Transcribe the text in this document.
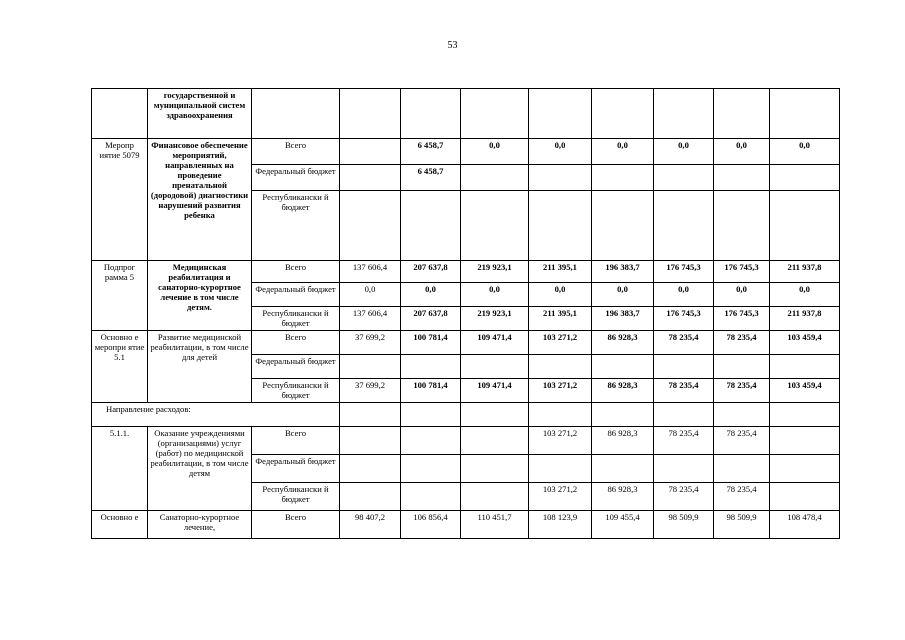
53
	государственной и муниципальной систем здравоохранения									
Меропр иятие 5079	Финансовое обеспечение мероприятий, направленных на проведение пренатальной (дородовой) диагностики нарушений развития ребенка	Всего		6 458,7	0,0	0,0	0,0	0,0	0,0	0,0
		Федеральный бюджет		6 458,7						
		Республикански й бюджет								
Подпрог рамма 5	Медицинская реабилитация и санаторно-курортное лечение в том числе детям.	Всего	137 606,4	207 637,8	219 923,1	211 395,1	196 383,7	176 745,3	176 745,3	211 937,8
		Федеральный бюджет	0,0	0,0	0,0	0,0	0,0	0,0	0,0	0,0
		Республикански й бюджет	137 606,4	207 637,8	219 923,1	211 395,1	196 383,7	176 745,3	176 745,3	211 937,8
Основно е меропри ятие 5.1	Развитие медицинской реабилитации, в том числе для детей	Всего	37 699,2	100 781,4	109 471,4	103 271,2	86 928,3	78 235,4	78 235,4	103 459,4
		Федеральный бюджет								
		Республикански й бюджет	37 699,2	100 781,4	109 471,4	103 271,2	86 928,3	78 235,4	78 235,4	103 459,4
Направление расходов:										
5.1.1.	Оказание учреждениями (организациями) услуг (работ) по медицинской реабилитации, в том числе детям	Всего				103 271,2	86 928,3	78 235,4	78 235,4	
		Федеральный бюджет								
		Республикански й бюджет				103 271,2	86 928,3	78 235,4	78 235,4	
Основно е	Санаторно-курортное лечение,	Всего	98 407,2	106 856,4	110 451,7	108 123,9	109 455,4	98 509,9	98 509,9	108 478,4
